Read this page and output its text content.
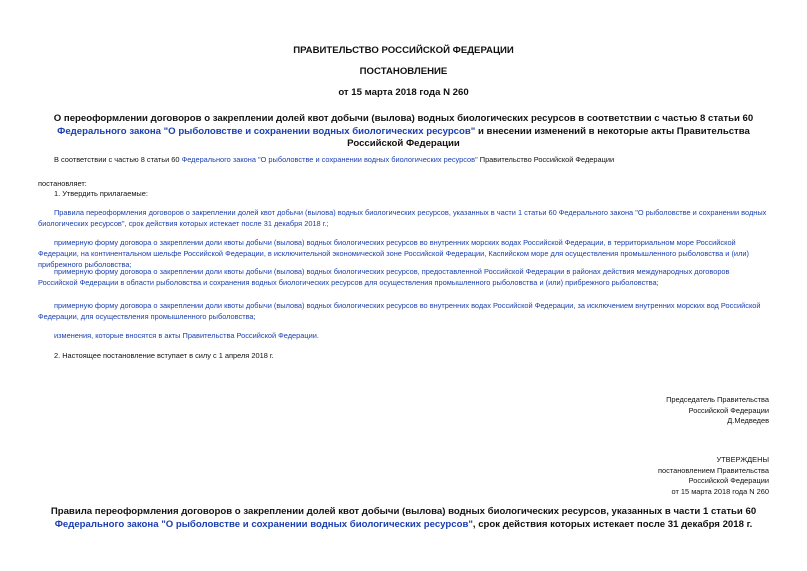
ПРАВИТЕЛЬСТВО РОССИЙСКОЙ ФЕДЕРАЦИИ
ПОСТАНОВЛЕНИЕ
от 15 марта 2018 года N 260
О переоформлении договоров о закреплении долей квот добычи (вылова) водных биологических ресурсов в соответствии с частью 8 статьи 60 Федерального закона "О рыболовстве и сохранении водных биологических ресурсов" и внесении изменений в некоторые акты Правительства Российской Федерации
В соответствии с частью 8 статьи 60 Федерального закона "О рыболовстве и сохранении водных биологических ресурсов" Правительство Российской Федерации
постановляет:
1. Утвердить прилагаемые:
Правила переоформления договоров о закреплении долей квот добычи (вылова) водных биологических ресурсов, указанных в части 1 статьи 60 Федерального закона "О рыболовстве и сохранении водных биологических ресурсов", срок действия которых истекает после 31 декабря 2018 г.;
примерную форму договора о закреплении доли квоты добычи (вылова) водных биологических ресурсов во внутренних морских водах Российской Федерации, в территориальном море Российской Федерации, на континентальном шельфе Российской Федерации, в исключительной экономической зоне Российской Федерации, Каспийском море для осуществления промышленного рыболовства и (или) прибрежного рыболовства;
примерную форму договора о закреплении доли квоты добычи (вылова) водных биологических ресурсов, предоставленной Российской Федерации в районах действия международных договоров Российской Федерации в области рыболовства и сохранения водных биологических ресурсов для осуществления промышленного рыболовства и (или) прибрежного рыболовства;
примерную форму договора о закреплении доли квоты добычи (вылова) водных биологических ресурсов во внутренних водах Российской Федерации, за исключением внутренних морских вод Российской Федерации, для осуществления промышленного рыболовства;
изменения, которые вносятся в акты Правительства Российской Федерации.
2. Настоящее постановление вступает в силу с 1 апреля 2018 г.
Председатель Правительства
Российской Федерации
Д.Медведев
УТВЕРЖДЕНЫ
постановлением Правительства
Российской Федерации
от 15 марта 2018 года N 260
Правила переоформления договоров о закреплении долей квот добычи (вылова) водных биологических ресурсов, указанных в части 1 статьи 60 Федерального закона "О рыболовстве и сохранении водных биологических ресурсов", срок действия которых истекает после 31 декабря 2018 г.
